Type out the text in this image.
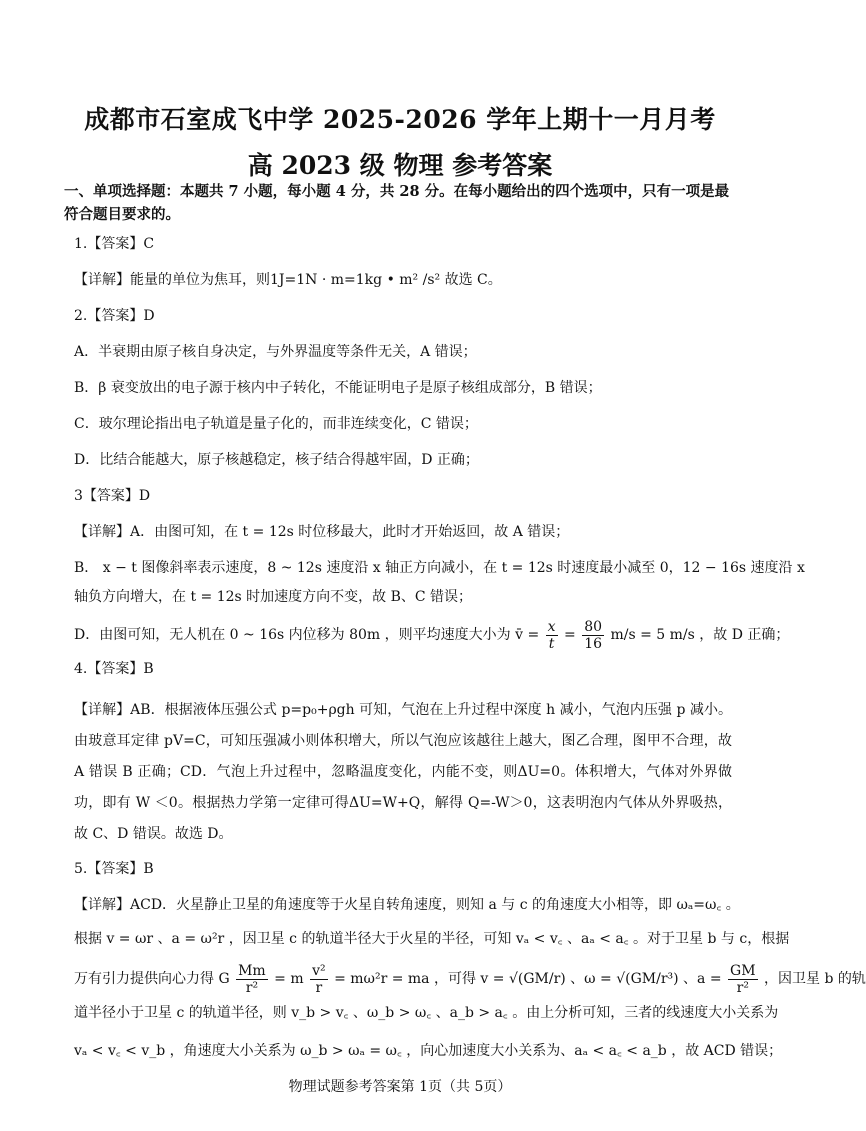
成都市石室成飞中学 2025-2026 学年上期十一月月考
高 2023 级 物理 参考答案
一、单项选择题：本题共 7 小题，每小题 4 分，共 28 分。在每小题给出的四个选项中，只有一项是最符合题目要求的。
1.【答案】C
【详解】能量的单位为焦耳，则1J=1N · m=1kg • m² /s² 故选 C。
2.【答案】D
A．半衰期由原子核自身决定，与外界温度等条件无关，A 错误；
B．β 衰变放出的电子源于核内中子转化，不能证明电子是原子核组成部分，B 错误；
C．玻尔理论指出电子轨道是量子化的，而非连续变化，C 错误；
D．比结合能越大，原子核越稳定，核子结合得越牢固，D 正确；
3【答案】D
【详解】A．由图可知，在 t = 12s 时位移最大，此时才开始返回，故 A 错误；
B． x − t 图像斜率表示速度，8 ~ 12s 速度沿 x 轴正方向减小，在 t = 12s 时速度最小减至 0，12 − 16s 速度沿 x
轴负方向增大，在 t = 12s 时加速度方向不变，故 B、C 错误；
D．由图可知，无人机在 0 ~ 16s 内位移为 80m ，则平均速度大小为 v̄ = $\frac{x}{t} = \frac{80}{16} m/s = 5$ m/s ，故 D 正确；
4.【答案】B
【详解】AB．根据液体压强公式 p=p₀+ρgh 可知，气泡在上升过程中深度 h 减小，气泡内压强 p 减小。由玻意耳定律 pV=C，可知压强减小则体积增大，所以气泡应该越往上越大，图乙合理，图甲不合理，故 A 错误 B 正确；CD．气泡上升过程中，忽略温度变化，内能不变，则ΔU=0。体积增大，气体对外界做功，即有 W ＜0。根据热力学第一定律可得ΔU=W+Q，解得 Q=-W＞0，这表明泡内气体从外界吸热，故 C、D 错误。故选 D。
5.【答案】B
【详解】ACD．火星静止卫星的角速度等于火星自转角速度，则知 a 与 c 的角速度大小相等，即 ωₐ=ω꜀ 。
根据 v = ωr 、a = ω²r ，因卫星 c 的轨道半径大于火星的半径，可知 vₐ < v꜀ 、aₐ < a꜀ 。对于卫星 b 与 c，根据
万有引力提供向心力得 G $\frac{Mm}{\text{r²}} = m \frac{\text{v²}}{r} = m\omega^2r$ = ma ，可得 v = √(GM/r) 、ω = √(GM/r³) 、$a = \frac{GM}{\text{r²}}$ ，因卫星 b 的轨
道半径小于卫星 c 的轨道半径，则 v_b > v꜀ 、ω_b > ω꜀ 、a_b > a꜀ 。由上分析可知，三者的线速度大小关系为
vₐ < v꜀ < v_b ，角速度大小关系为 ω_b > ωₐ = ω꜀ ，向心加速度大小关系为、aₐ < a꜀ < a_b ，故 ACD 错误；
物理试题参考答案第 1页（共 5页）
